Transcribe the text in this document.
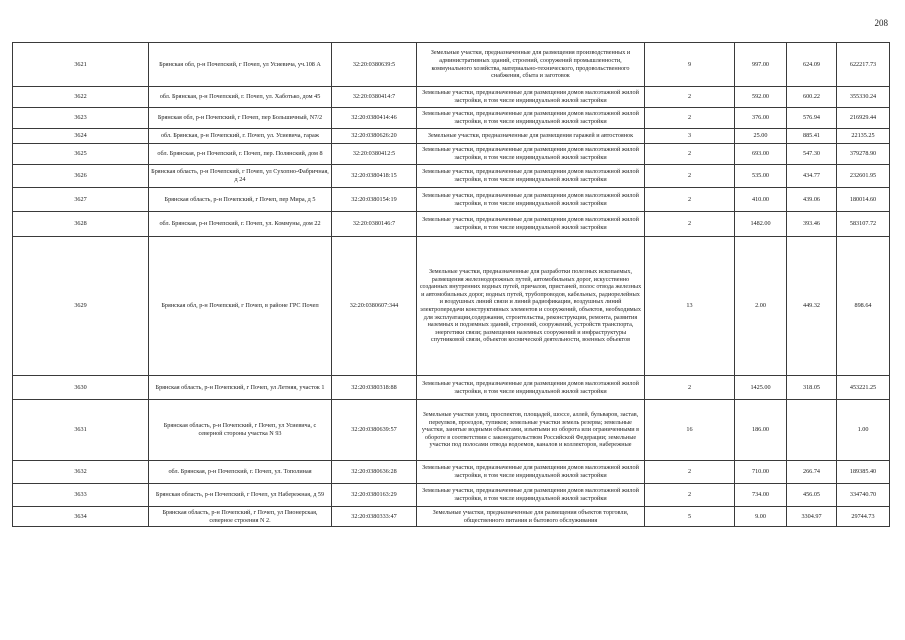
208
3621	Брянская обл, р-н Почепский, г Почеп, ул Усиевича, уч.108 А	32:20:0380639:5	Земельные участки, предназначенные для размещения производственных и административных зданий, строений, сооружений промышленности, коммунального хозяйства, материально-технического, продовольственного снабжения, сбыта и заготовок	9	997.00	624.09	622217.73
3622	обл. Брянская, р-н Почепский, г. Почеп, ул. Хаботько, дом 45	32:20:0380414:7	Земельные участки, предназначенные для размещения домов малоэтажной жилой застройки, в том числе индивидуальной жилой застройки	2	592.00	600.22	355330.24
3623	Брянская обл, р-н Почепский, г Почеп, пер Большичный, N7/2	32:20:0380414:46	Земельные участки, предназначенные для размещения домов малоэтажной жилой застройки, в том числе индивидуальной жилой застройки	2	376.00	576.94	216929.44
3624	обл. Брянская, р-н Почепский, г. Почеп, ул. Усиевича, гараж	32:20:0380626:20	Земельные участки, предназначенные для размещения гаражей и автостоянок	3	25.00	885.41	22135.25
3625	обл. Брянская, р-н Почепский, г. Почеп, пер. Полянский, дом 8	32:20:0380412:5	Земельные участки, предназначенные для размещения домов малоэтажной жилой застройки, в том числе индивидуальной жилой застройки	2	693.00	547.30	379278.90
3626	Брянская область, р-н Почепский, г Почеп, ул Сухопно-Фабричная, д 24	32:20:0380418:15	Земельные участки, предназначенные для размещения домов малоэтажной жилой застройки, в том числе индивидуальной жилой застройки	2	535.00	434.77	232601.95
3627	Брянская область, р-н Почепский, г Почеп, пер Мира, д 5	32:20:0380154:19	Земельные участки, предназначенные для размещения домов малоэтажной жилой застройки, в том числе индивидуальной жилой застройки	2	410.00	439.06	180014.60
3628	обл. Брянская, р-н Почепский, г. Почеп, ул. Коммуны, дом 22	32:20:0380146:7	Земельные участки, предназначенные для размещения домов малоэтажной жилой застройки, в том числе индивидуальной жилой застройки	2	1482.00	393.46	583107.72
3629	Брянская обл, р-н Почепский, г Почеп, в районе ГРС Почеп	32:20:0380607:344	Земельные участки, предназначенные для разработки полезных ископаемых, размещения железнодорожных путей, автомобильных дорог, искусственно созданных внутренних водных путей, причалов, пристаней, полос отвода железных и автомобильных дорог, водных путей, трубопроводов, кабельных, радиорелейных и воздушных линий связи и линий радиофикации, воздушных линий электропередачи конструктивных элементов и сооружений, объектов, необходимых для эксплуатации,содержания, строительства, реконструкции, ремонта, развития наземных и подземных зданий, строений, сооружений, устройств транспорта, энергетики связи; размещения наземных сооружений и инфраструктуры спутниковой связи, объектов космической деятельности, военных объектов	13	2.00	449.32	898.64
3630	Брянская область, р-н Почепский, г Почеп, ул Летняя, участок 1	32:20:0380318:88	Земельные участки, предназначенные для размещения домов малоэтажной жилой застройки, в том числе индивидуальной жилой застройки	2	1425.00	318.05	453221.25
3631	Брянская область, р-н Почепский, г Почеп, ул Усиевича, с северной стороны участка N 93	32:20:0380639:57	Земельные участки улиц, проспектов, площадей, шоссе, аллей, бульваров, застав, переулков, проездов, тупиков; земельные участки земель резерва; земельные участки, занятые водными объектами, изъятыми из оборота или ограниченными в обороте в соответствии с законодательством Российской Федерации; земельные участки под полосами отвода водоемов, каналов и коллекторов, набережные	16	186.00		1.00
3632	обл. Брянская, р-н Почепский, г. Почеп, ул. Тополиная	32:20:0380636:28	Земельные участки, предназначенные для размещения домов малоэтажной жилой застройки, в том числе индивидуальной жилой застройки	2	710.00	266.74	189385.40
3633	Брянская область, р-н Почепский, г Почеп, ул Набережная, д 59	32:20:0380163:29	Земельные участки, предназначенные для размещения домов малоэтажной жилой застройки, в том числе индивидуальной жилой застройки	2	734.00	456.05	334740.70
3634	Брянская область, р-н Почепский, г Почеп, ул Пионерская, северное строения N 2.	32:20:0380333:47	Земельные участки, предназначенные для размещения объектов торговли, общественного питания и бытового обслуживания	5	9.00	3304.97	29744.73
